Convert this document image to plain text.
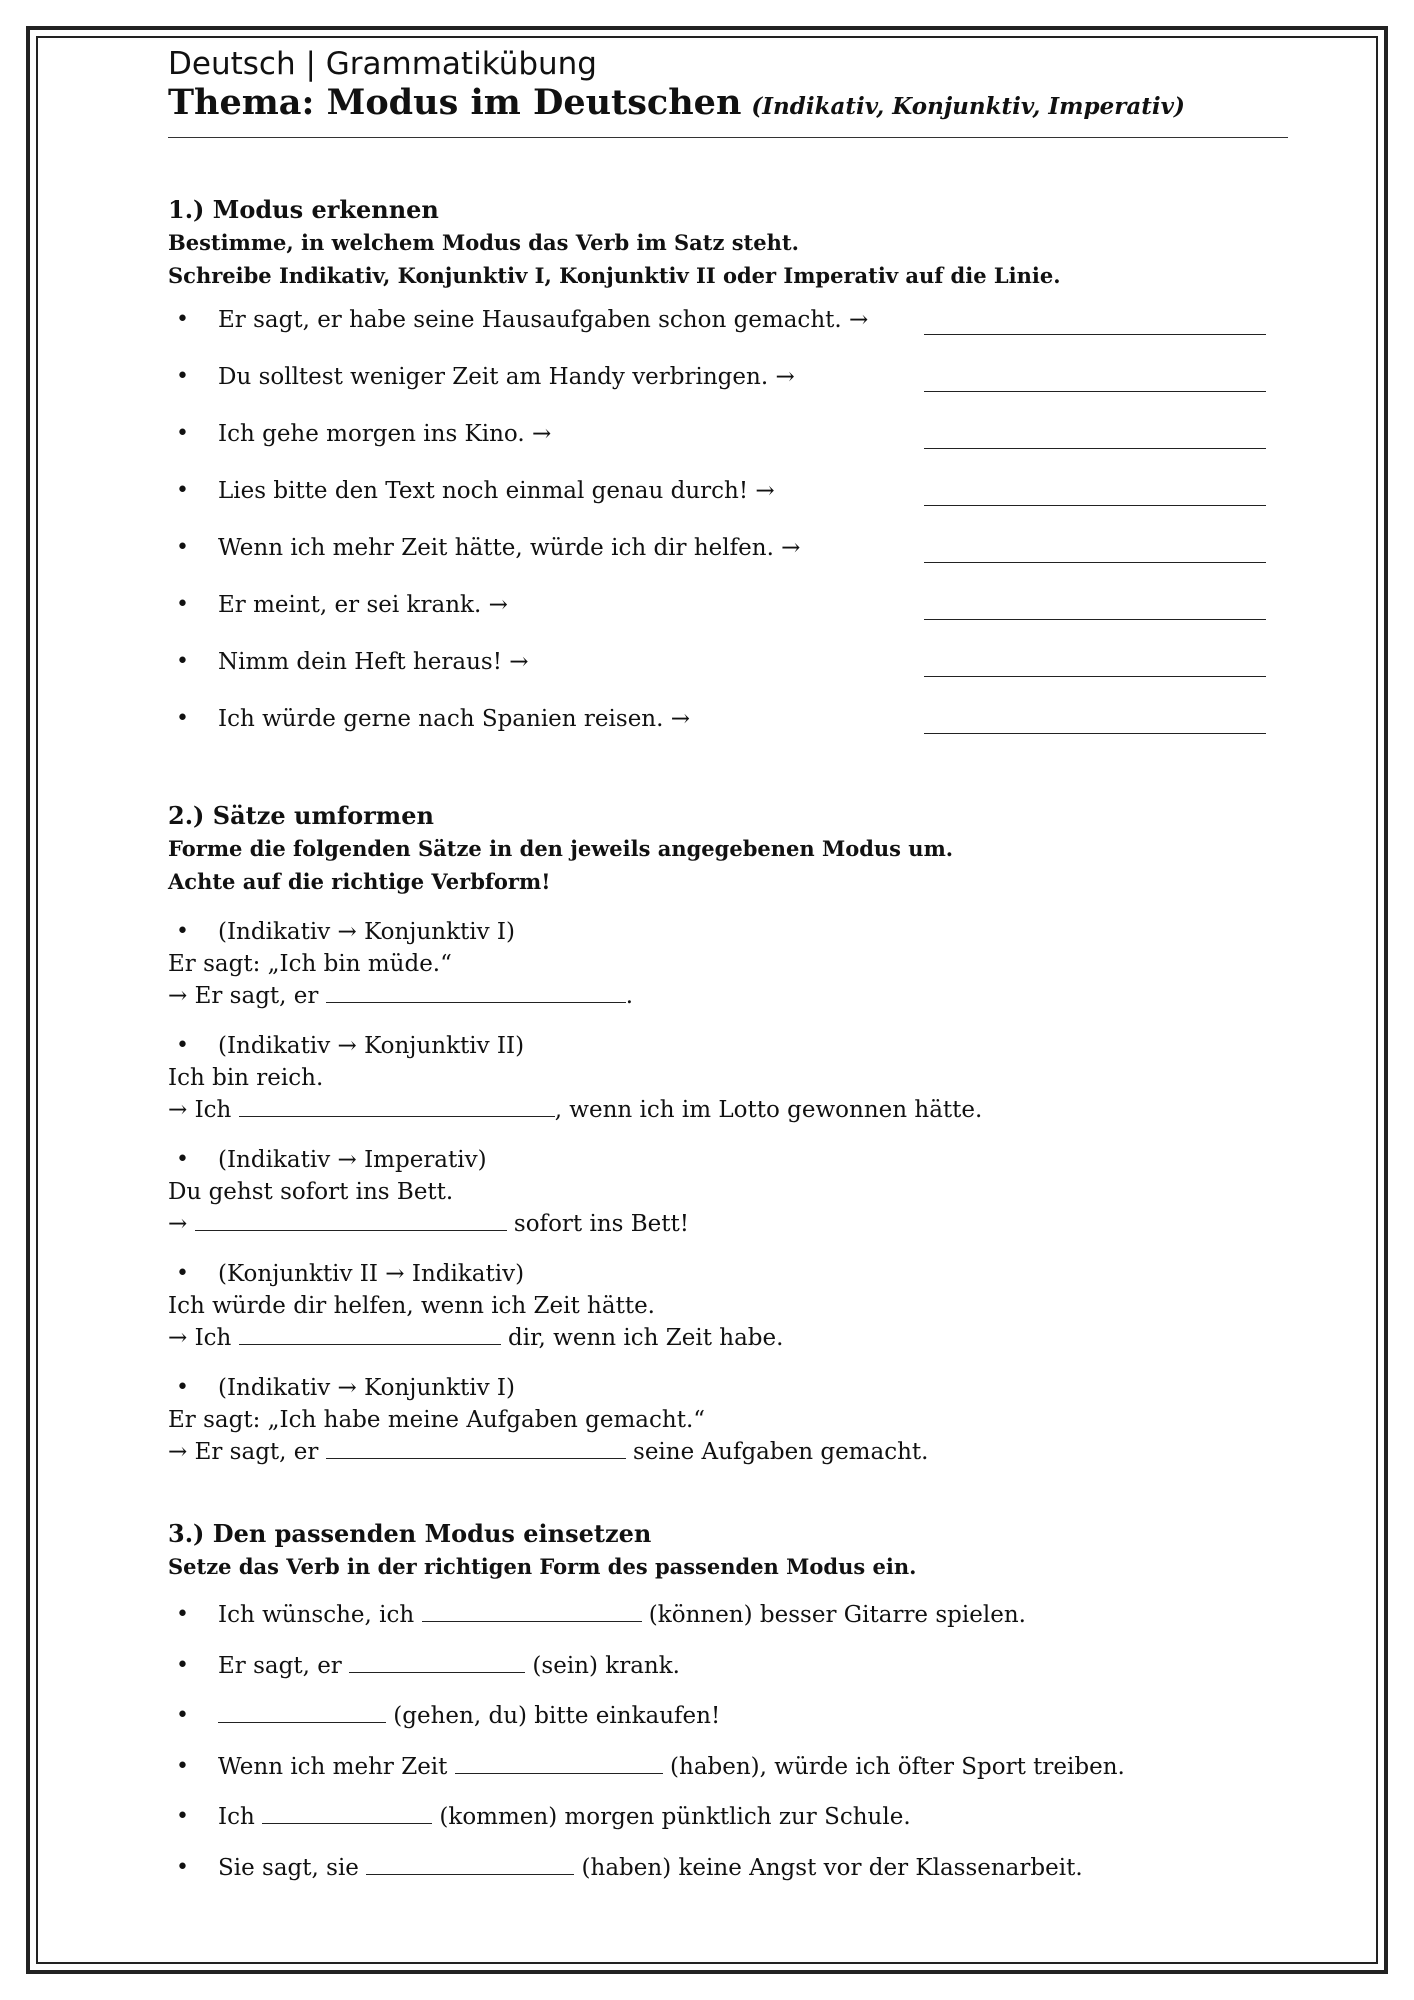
Deutsch | Grammatikübung
Thema: Modus im Deutschen (Indikativ, Konjunktiv, Imperativ)
1.) Modus erkennen
Bestimme, in welchem Modus das Verb im Satz steht.
Schreibe Indikativ, Konjunktiv I, Konjunktiv II oder Imperativ auf die Linie.
• Er sagt, er habe seine Hausaufgaben schon gemacht. →
• Du solltest weniger Zeit am Handy verbringen. →
• Ich gehe morgen ins Kino. →
• Lies bitte den Text noch einmal genau durch! →
• Wenn ich mehr Zeit hätte, würde ich dir helfen. →
• Er meint, er sei krank. →
• Nimm dein Heft heraus! →
• Ich würde gerne nach Spanien reisen. →
2.) Sätze umformen
Forme die folgenden Sätze in den jeweils angegebenen Modus um.
Achte auf die richtige Verbform!
• (Indikativ → Konjunktiv I)
Er sagt: „Ich bin müde.“
→ Er sagt, er	.
• (Indikativ → Konjunktiv II)
Ich bin reich.
→ Ich	, wenn ich im Lotto gewonnen hätte.
• (Indikativ → Imperativ)
Du gehst sofort ins Bett.
→	sofort ins Bett!
• (Konjunktiv II → Indikativ)
Ich würde dir helfen, wenn ich Zeit hätte.
→ Ich	dir, wenn ich Zeit habe.
• (Indikativ → Konjunktiv I)
Er sagt: „Ich habe meine Aufgaben gemacht.“
→ Er sagt, er	seine Aufgaben gemacht.
3.) Den passenden Modus einsetzen
Setze das Verb in der richtigen Form des passenden Modus ein.
• Ich wünsche, ich	(können) besser Gitarre spielen.
• Er sagt, er	(sein) krank.
•	(gehen, du) bitte einkaufen!
• Wenn ich mehr Zeit	(haben), würde ich öfter Sport treiben.
• Ich	(kommen) morgen pünktlich zur Schule.
• Sie sagt, sie	(haben) keine Angst vor der Klassenarbeit.
